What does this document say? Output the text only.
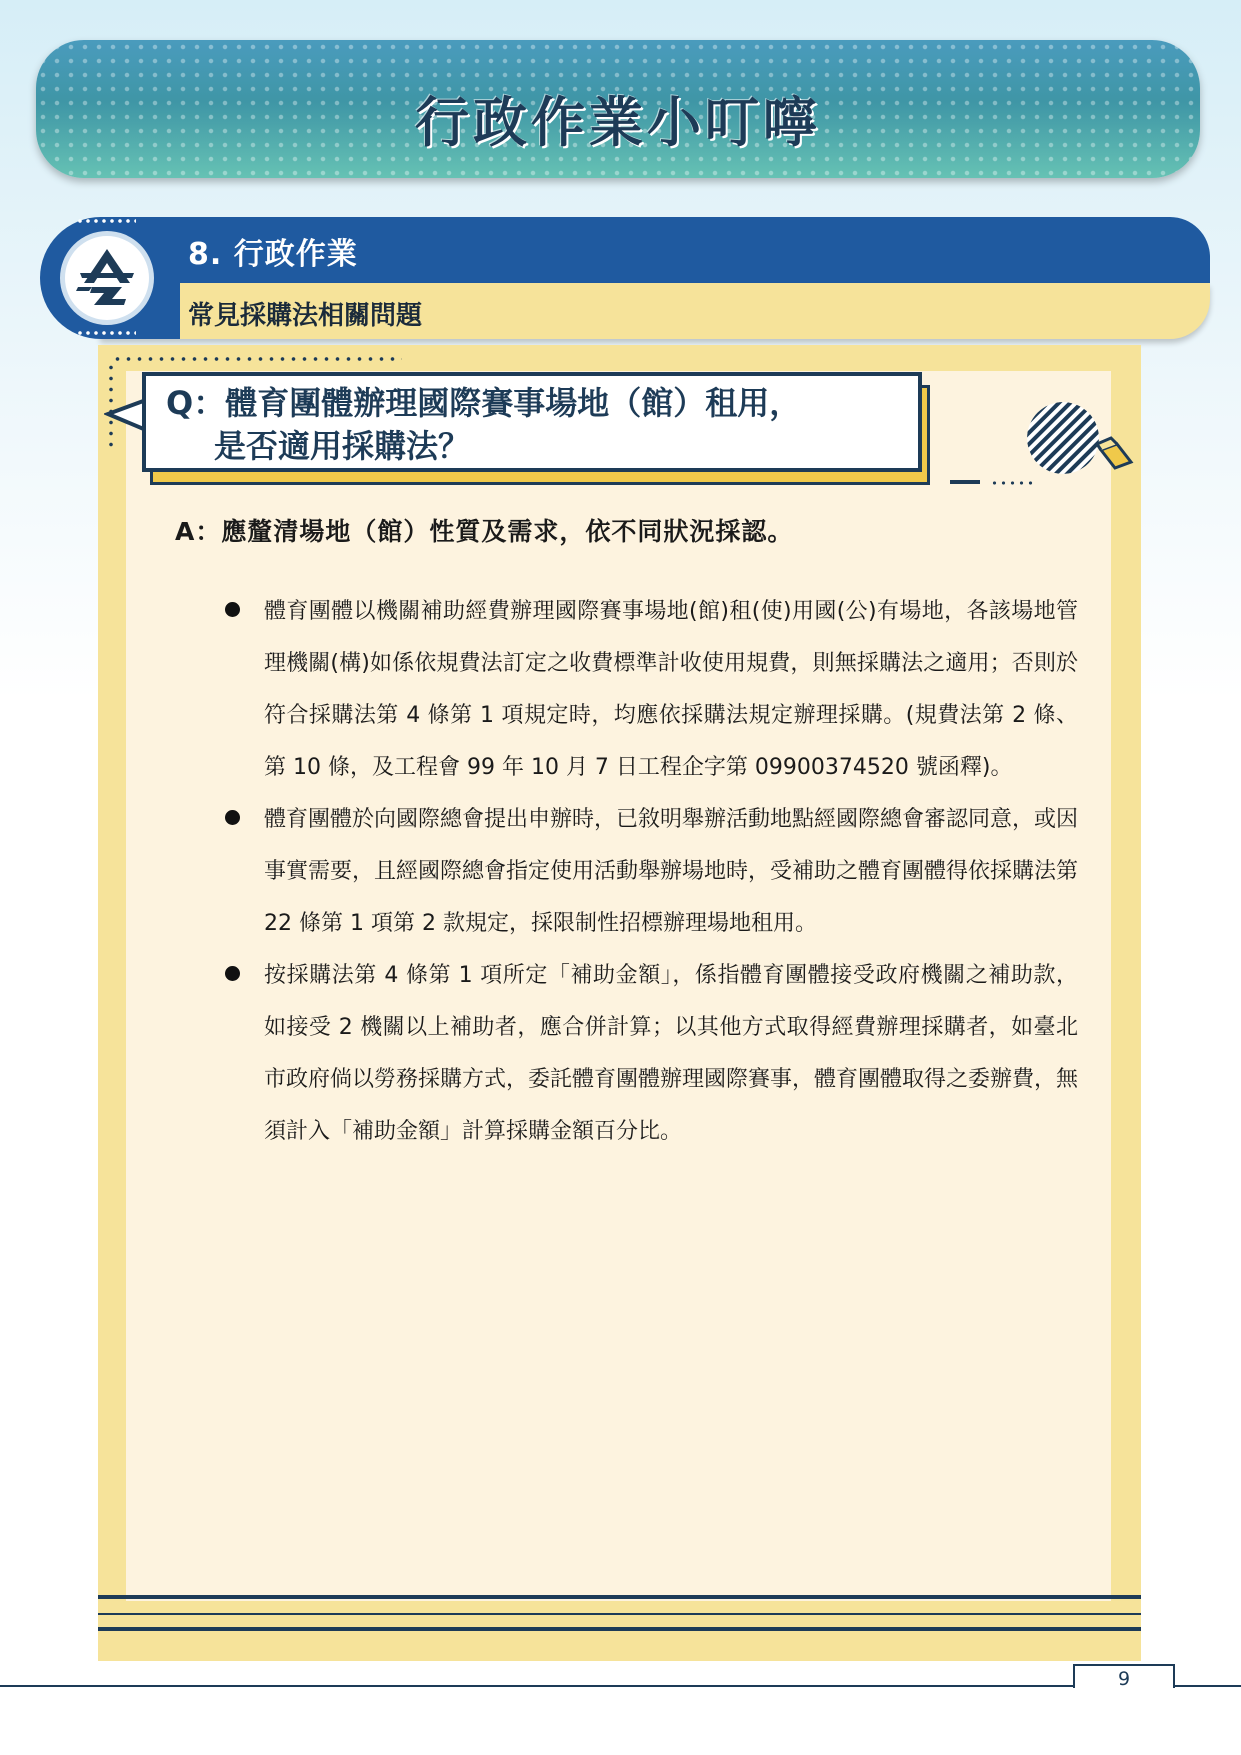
行政作業小叮嚀
8. 行政作業
常見採購法相關問題
Q：體育團體辦理國際賽事場地（館）租用，
是否適用採購法？
A：應釐清場地（館）性質及需求，依不同狀況採認。
體育團體以機關補助經費辦理國際賽事場地(館)租(使)用國(公)有場地，各該場地管理機關(構)如係依規費法訂定之收費標準計收使用規費，則無採購法之適用；否則於符合採購法第 4 條第 1 項規定時，均應依採購法規定辦理採購。(規費法第 2 條、第 10 條，及工程會 99 年 10 月 7 日工程企字第 09900374520 號函釋)。
體育團體於向國際總會提出申辦時，已敘明舉辦活動地點經國際總會審認同意，或因事實需要，且經國際總會指定使用活動舉辦場地時，受補助之體育團體得依採購法第 22 條第 1 項第 2 款規定，採限制性招標辦理場地租用。
按採購法第 4 條第 1 項所定「補助金額」，係指體育團體接受政府機關之補助款，如接受 2 機關以上補助者，應合併計算；以其他方式取得經費辦理採購者，如臺北市政府倘以勞務採購方式，委託體育團體辦理國際賽事，體育團體取得之委辦費，無須計入「補助金額」計算採購金額百分比。
9
